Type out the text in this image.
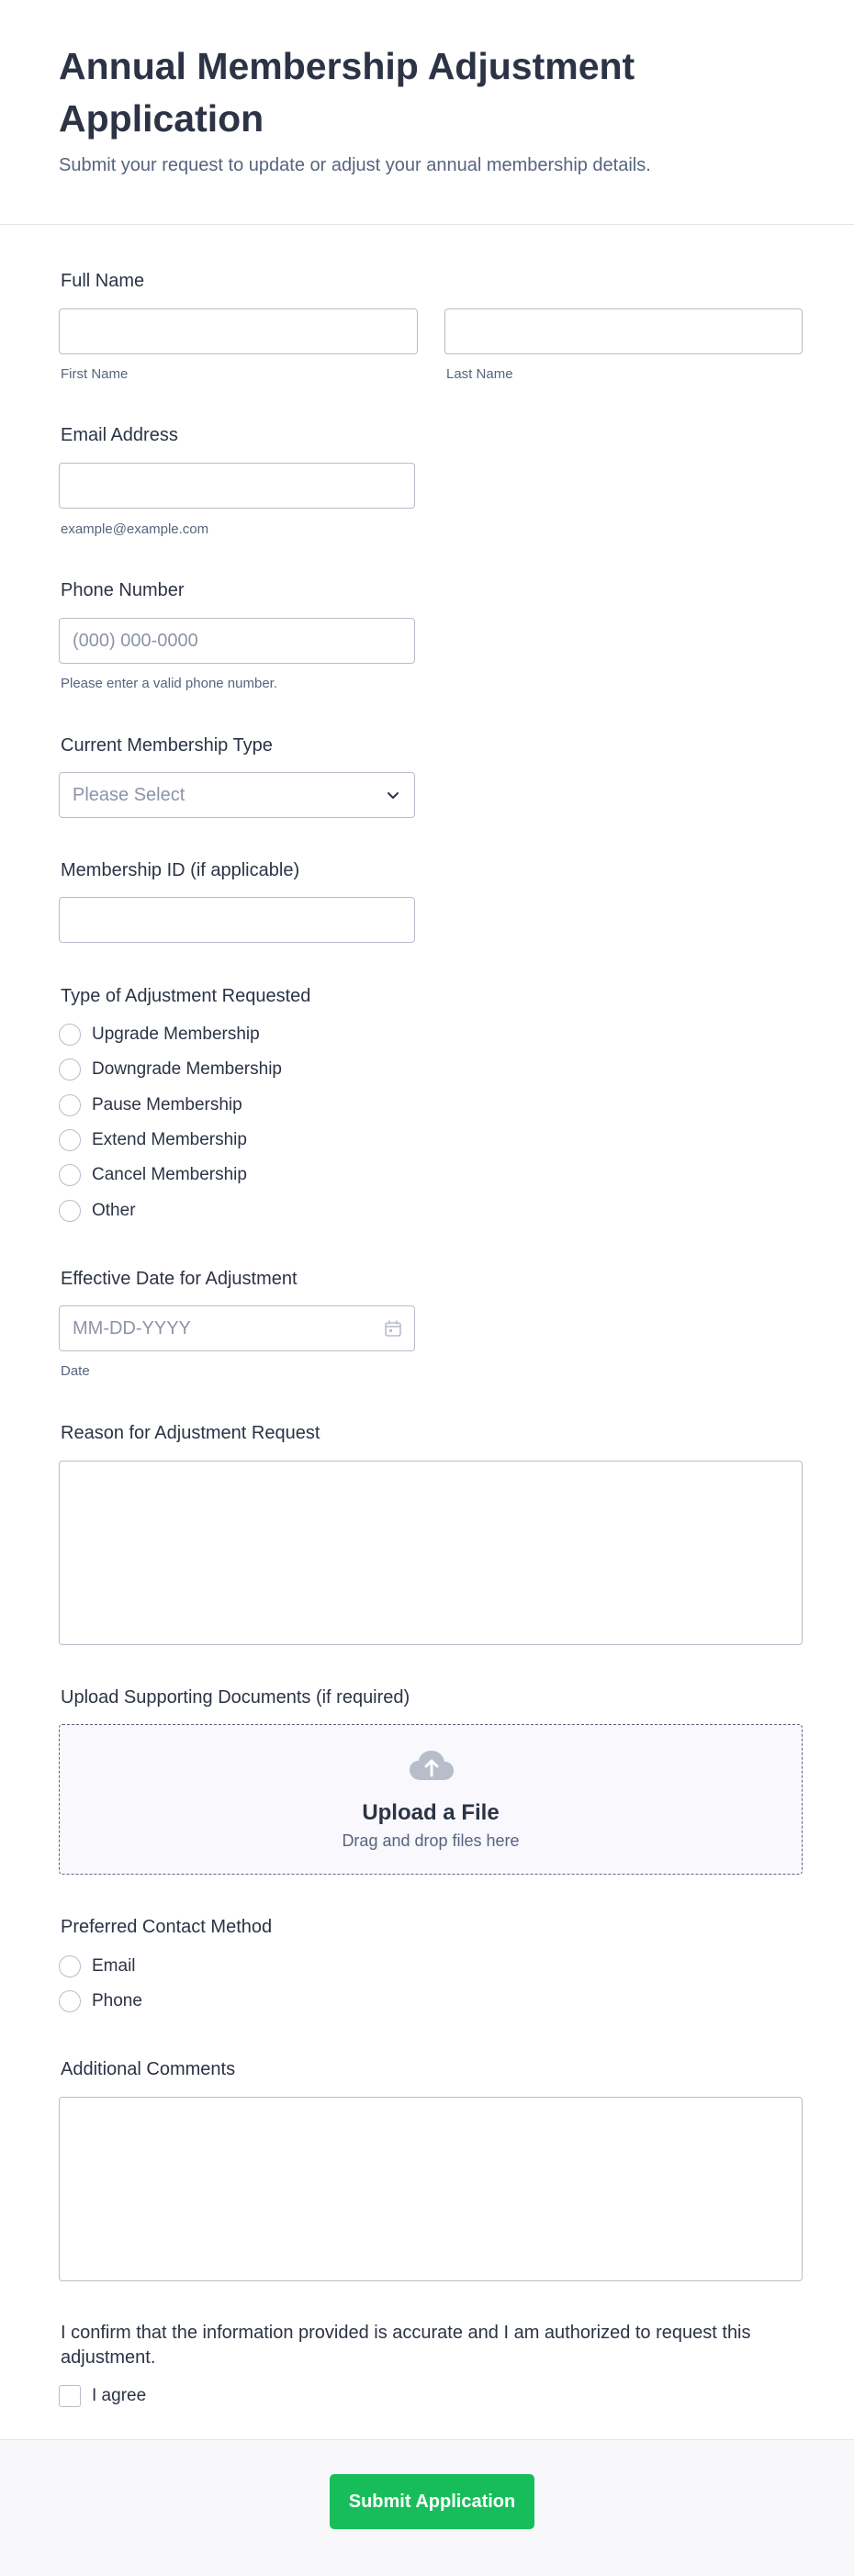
Annual Membership Adjustment Application

Submit your request to update or adjust your annual membership details.

Full Name
First Name	Last Name
Email Address
example@example.com
Phone Number
(000) 000-0000
Please enter a valid phone number.
Current Membership Type
Please Select
Membership ID (if applicable)
Type of Adjustment Requested
Upgrade Membership
Downgrade Membership
Pause Membership
Extend Membership
Cancel Membership
Other
Effective Date for Adjustment
MM-DD-YYYY
Date
Reason for Adjustment Request
Upload Supporting Documents (if required)
Upload a File
Drag and drop files here
Preferred Contact Method
Email
Phone
Additional Comments
I confirm that the information provided is accurate and I am authorized to request this adjustment.
I agree
Submit Application
